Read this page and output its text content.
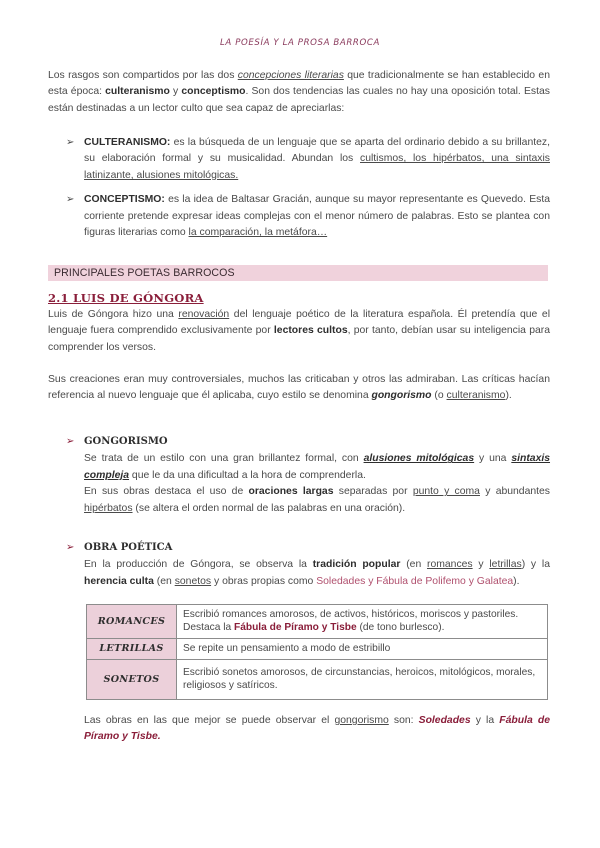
LA POESÍA Y LA PROSA BARROCA

Los rasgos son compartidos por las dos concepciones literarias que tradicionalmente se han establecido en esta época: culteranismo y conceptismo. Son dos tendencias las cuales no hay una oposición total. Estas están destinadas a un lector culto que sea capaz de apreciarlas:

➢ CULTERANISMO: es la búsqueda de un lenguaje que se aparta del ordinario debido a su brillantez, su elaboración formal y su musicalidad. Abundan los cultismos, los hipérbatos, una sintaxis latinizante, alusiones mitológicas.

➢ CONCEPTISMO: es la idea de Baltasar Gracián, aunque su mayor representante es Quevedo. Esta corriente pretende expresar ideas complejas con el menor número de palabras. Esto se plantea con figuras literarias como la comparación, la metáfora…

PRINCIPALES POETAS BARROCOS
2.1 LUIS DE GÓNGORA

Luis de Góngora hizo una renovación del lenguaje poético de la literatura española. Él pretendía que el lenguaje fuera comprendido exclusivamente por lectores cultos, por tanto, debían usar su inteligencia para comprender los versos.

Sus creaciones eran muy controversiales, muchos las criticaban y otros las admiraban. Las críticas hacían referencia al nuevo lenguaje que él aplicaba, cuyo estilo se denomina gongorismo (o culteranismo).

➢ GONGORISMO

Se trata de un estilo con una gran brillantez formal, con alusiones mitológicas y una sintaxis compleja que le da una dificultad a la hora de comprenderla.

En sus obras destaca el uso de oraciones largas separadas por punto y coma y abundantes hipérbatos (se altera el orden normal de las palabras en una oración).

➢ OBRA POÉTICA

En la producción de Góngora, se observa la tradición popular (en romances y letrillas) y la herencia culta (en sonetos y obras propias como Soledades y Fábula de Polifemo y Galatea).

ROMANCES	Escribió romances amorosos, de activos, históricos, moriscos y pastoriles. Destaca la Fábula de Píramo y Tisbe (de tono burlesco).
LETRILLAS	Se repite un pensamiento a modo de estribillo
SONETOS	Escribió sonetos amorosos, de circunstancias, heroicos, mitológicos, morales, religiosos y satíricos.

Las obras en las que mejor se puede observar el gongorismo son: Soledades y la Fábula de Píramo y Tisbe.
